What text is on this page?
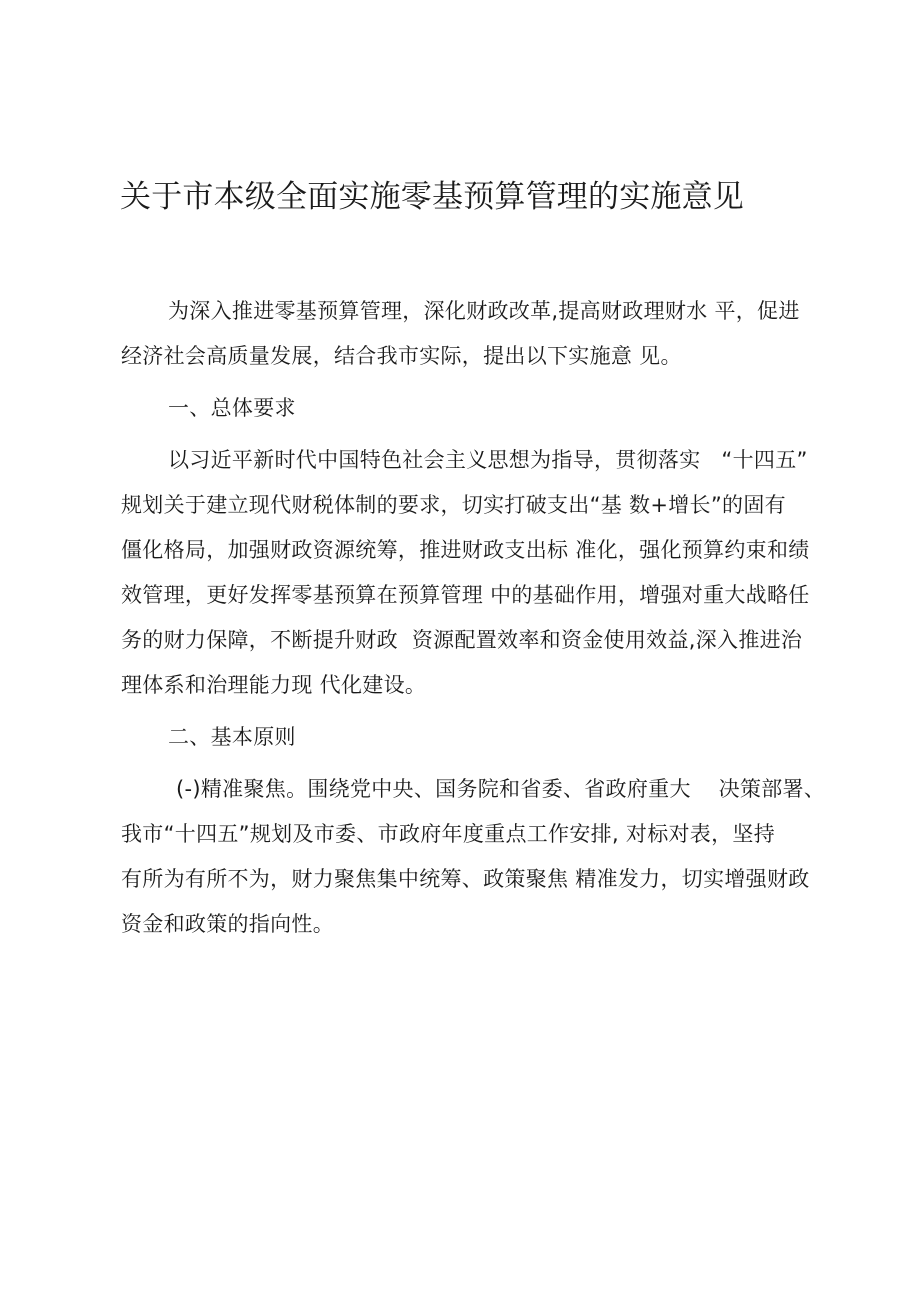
关于市本级全面实施零基预算管理的实施意见
为深入推进零基预算管理，深化财政改革,提高财政理财水 平，促进
经济社会高质量发展，结合我市实际，提出以下实施意 见。
一、总体要求
以习近平新时代中国特色社会主义思想为指导，贯彻落实   “十四五”
规划关于建立现代财税体制的要求，切实打破支出“基 数+增长”的固有
僵化格局，加强财政资源统筹，推进财政支出标 准化，强化预算约束和绩
效管理，更好发挥零基预算在预算管理 中的基础作用，增强对重大战略任
务的财力保障，不断提升财政  资源配置效率和资金使用效益,深入推进治
理体系和治理能力现 代化建设。
二、基本原则
(-)精准聚焦。围绕党中央、国务院和省委、省政府重大    决策部署、
我市“十四五”规划及市委、市政府年度重点工作安排, 对标对表，坚持
有所为有所不为，财力聚焦集中统筹、政策聚焦 精准发力，切实增强财政
资金和政策的指向性。
